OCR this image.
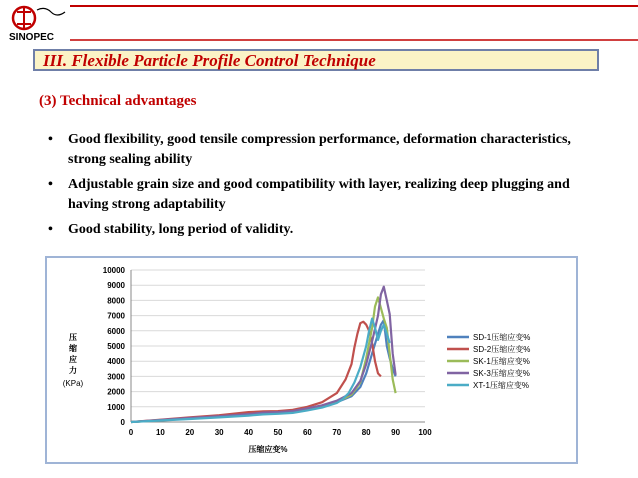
SINOPEC
III. Flexible Particle Profile Control Technique
(3) Technical advantages
• Good flexibility, good tensile compression performance, deformation characteristics, strong sealing ability
• Adjustable grain size and good compatibility with layer, realizing deep plugging and having strong adaptability
• Good stability, long period of validity.
0
1000
2000
3000
4000
5000
6000
7000
8000
9000
10000
0	10	20	30	40	50	60	70	80	90 100
压缩应变%
压
缩
应
力
(KPa)
SD-1压缩应变%
SD-2压缩应变%
SK-1压缩应变%
SK-3压缩应变%
XT-1压缩应变%
